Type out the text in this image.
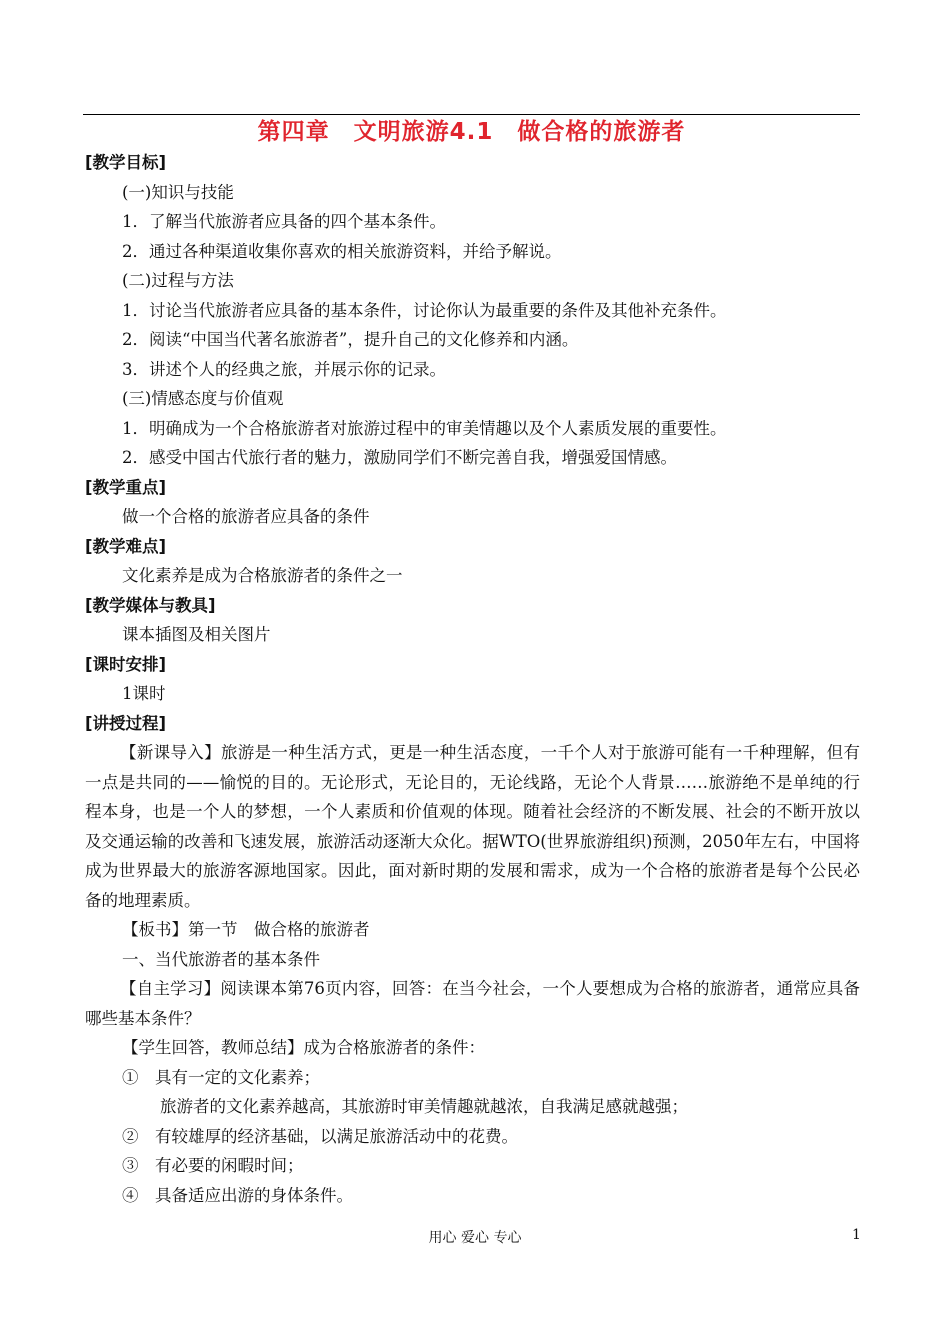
第四章　文明旅游4.1　做合格的旅游者
[教学目标]
(一)知识与技能
1．了解当代旅游者应具备的四个基本条件。
2．通过各种渠道收集你喜欢的相关旅游资料，并给予解说。
(二)过程与方法
1．讨论当代旅游者应具备的基本条件，讨论你认为最重要的条件及其他补充条件。
2．阅读“中国当代著名旅游者”，提升自己的文化修养和内涵。
3．讲述个人的经典之旅，并展示你的记录。
(三)情感态度与价值观
1．明确成为一个合格旅游者对旅游过程中的审美情趣以及个人素质发展的重要性。
2．感受中国古代旅行者的魅力，激励同学们不断完善自我，增强爱国情感。
[教学重点]
做一个合格的旅游者应具备的条件
[教学难点]
文化素养是成为合格旅游者的条件之一
[教学媒体与教具]
课本插图及相关图片
[课时安排]
1课时
[讲授过程]

【新课导入】旅游是一种生活方式，更是一种生活态度，一千个人对于旅游可能有一千种理解，但有一点是共同的——愉悦的目的。无论形式，无论目的，无论线路，无论个人背景……旅游绝不是单纯的行程本身，也是一个人的梦想，一个人素质和价值观的体现。随着社会经济的不断发展、社会的不断开放以及交通运输的改善和飞速发展，旅游活动逐渐大众化。据WTO(世界旅游组织)预测，2050年左右，中国将成为世界最大的旅游客源地国家。因此，面对新时期的发展和需求，成为一个合格的旅游者是每个公民必备的地理素质。

【板书】第一节　做合格的旅游者
一、当代旅游者的基本条件

【自主学习】阅读课本第76页内容，回答：在当今社会，一个人要想成为合格的旅游者，通常应具备哪些基本条件？

【学生回答，教师总结】成为合格旅游者的条件：
①　具有一定的文化素养；
旅游者的文化素养越高，其旅游时审美情趣就越浓，自我满足感就越强；
②　有较雄厚的经济基础，以满足旅游活动中的花费。
③　有必要的闲暇时间；
④　具备适应出游的身体条件。
用心 爱心 专心	1
